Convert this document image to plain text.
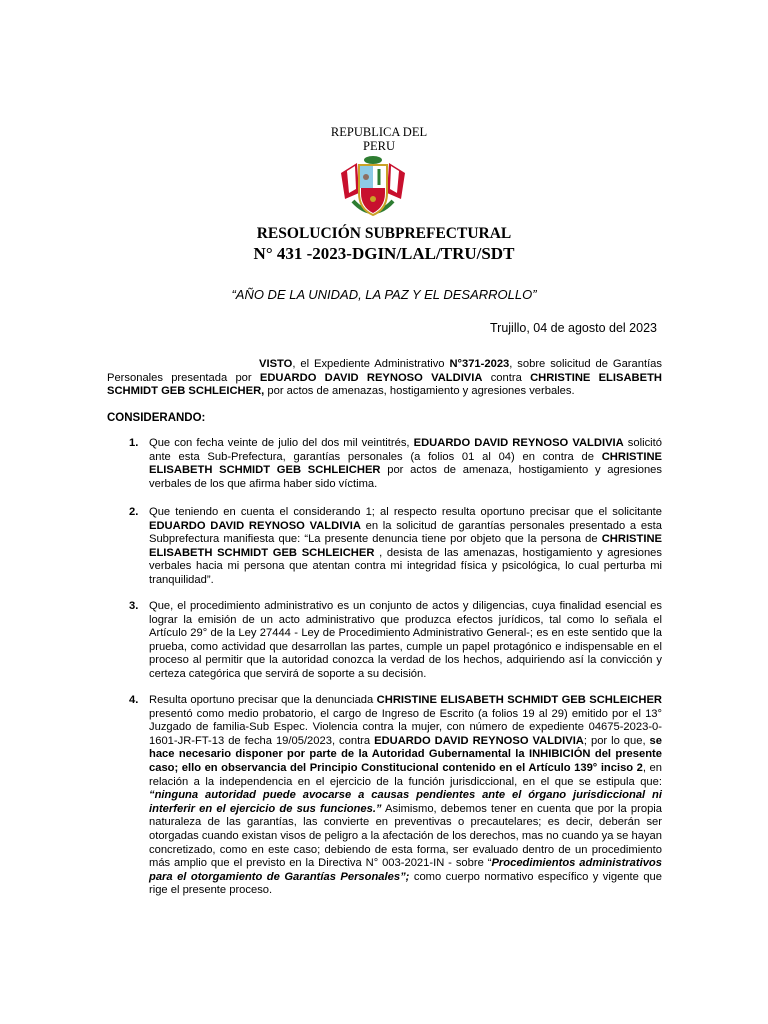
REPUBLICA DEL
PERU
RESOLUCIÓN SUBPREFECTURAL
N° 431 -2023-DGIN/LAL/TRU/SDT
“AÑO DE LA UNIDAD, LA PAZ Y EL DESARROLLO”
Trujillo, 04 de agosto del 2023
VISTO, el Expediente Administrativo N°371-2023, sobre solicitud de Garantías Personales presentada por EDUARDO DAVID REYNOSO VALDIVIA contra CHRISTINE ELISABETH SCHMIDT GEB SCHLEICHER, por actos de amenazas, hostigamiento y agresiones verbales.
CONSIDERANDO:
1. Que con fecha veinte de julio del dos mil veintitrés, EDUARDO DAVID REYNOSO VALDIVIA solicitó ante esta Sub-Prefectura, garantías personales (a folios 01 al 04) en contra de CHRISTINE ELISABETH SCHMIDT GEB SCHLEICHER por actos de amenaza, hostigamiento y agresiones verbales de los que afirma haber sido víctima.
2. Que teniendo en cuenta el considerando 1; al respecto resulta oportuno precisar que el solicitante EDUARDO DAVID REYNOSO VALDIVIA en la solicitud de garantías personales presentado a esta Subprefectura manifiesta que: “La presente denuncia tiene por objeto que la persona de CHRISTINE ELISABETH SCHMIDT GEB SCHLEICHER , desista de las amenazas, hostigamiento y agresiones verbales hacia mi persona que atentan contra mi integridad física y psicológica, lo cual perturba mi tranquilidad”.
3. Que, el procedimiento administrativo es un conjunto de actos y diligencias, cuya finalidad esencial es lograr la emisión de un acto administrativo que produzca efectos jurídicos, tal como lo señala el Artículo 29° de la Ley 27444 - Ley de Procedimiento Administrativo General-; es en este sentido que la prueba, como actividad que desarrollan las partes, cumple un papel protagónico e indispensable en el proceso al permitir que la autoridad conozca la verdad de los hechos, adquiriendo así la convicción y certeza categórica que servirá de soporte a su decisión.
4. Resulta oportuno precisar que la denunciada CHRISTINE ELISABETH SCHMIDT GEB SCHLEICHER presentó como medio probatorio, el cargo de Ingreso de Escrito (a folios 19 al 29) emitido por el 13° Juzgado de familia-Sub Espec. Violencia contra la mujer, con número de expediente 04675-2023-0-1601-JR-FT-13 de fecha 19/05/2023, contra EDUARDO DAVID REYNOSO VALDIVIA; por lo que, se hace necesario disponer por parte de la Autoridad Gubernamental la INHIBICIÓN del presente caso; ello en observancia del Principio Constitucional contenido en el Artículo 139° inciso 2, en relación a la independencia en el ejercicio de la función jurisdiccional, en el que se estipula que: “ninguna autoridad puede avocarse a causas pendientes ante el órgano jurisdiccional ni interferir en el ejercicio de sus funciones.” Asimismo, debemos tener en cuenta que por la propia naturaleza de las garantías, las convierte en preventivas o precautelares; es decir, deberán ser otorgadas cuando existan visos de peligro a la afectación de los derechos, mas no cuando ya se hayan concretizado, como en este caso; debiendo de esta forma, ser evaluado dentro de un procedimiento más amplio que el previsto en la Directiva N° 003-2021-IN - sobre “Procedimientos administrativos para el otorgamiento de Garantías Personales”; como cuerpo normativo específico y vigente que rige el presente proceso.
